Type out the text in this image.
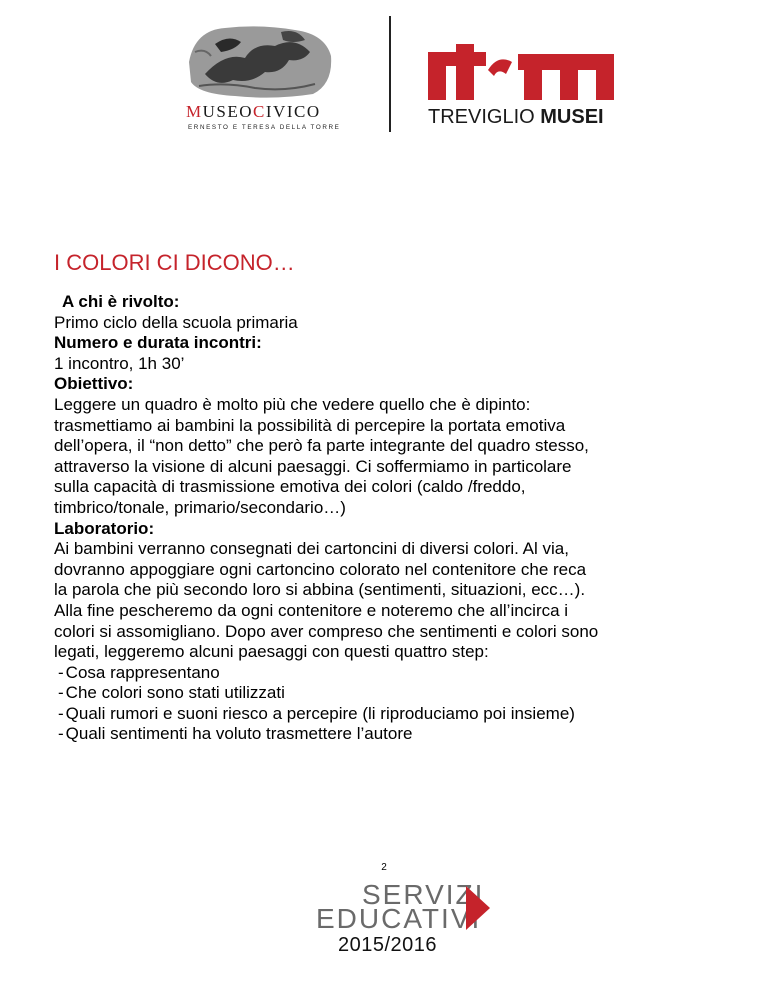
MUSEOCIVICO
ERNESTO E TERESA DELLA TORRE	TREVIGLIO MUSEI
I COLORI CI DICONO…

A chi è rivolto:

Primo ciclo della scuola primaria

Numero e durata incontri:

1 incontro, 1h 30’

Obiettivo:

Leggere un quadro è molto più che vedere quello che è dipinto:

trasmettiamo ai bambini la possibilità di percepire la portata emotiva

dell’opera, il “non detto” che però fa parte integrante del quadro stesso,

attraverso la visione di alcuni paesaggi. Ci soffermiamo in particolare

sulla capacità di trasmissione emotiva dei colori (caldo /freddo,

timbrico/tonale, primario/secondario…)

Laboratorio:

Ai bambini verranno consegnati dei cartoncini di diversi colori. Al via,

dovranno appoggiare ogni cartoncino colorato nel contenitore che reca

la parola che più secondo loro si abbina (sentimenti, situazioni, ecc…).

Alla fine pescheremo da ogni contenitore e noteremo che all’incirca i

colori si assomigliano. Dopo aver compreso che sentimenti e colori sono

legati, leggeremo alcuni paesaggi con questi quattro step:

- Cosa rappresentano
- Che colori sono stati utilizzati
- Quali rumori e suoni riesco a percepire (li riproduciamo poi insieme)
- Quali sentimenti ha voluto trasmettere l’autore
2
SERVIZI
EDUCATIVI
2015/2016
